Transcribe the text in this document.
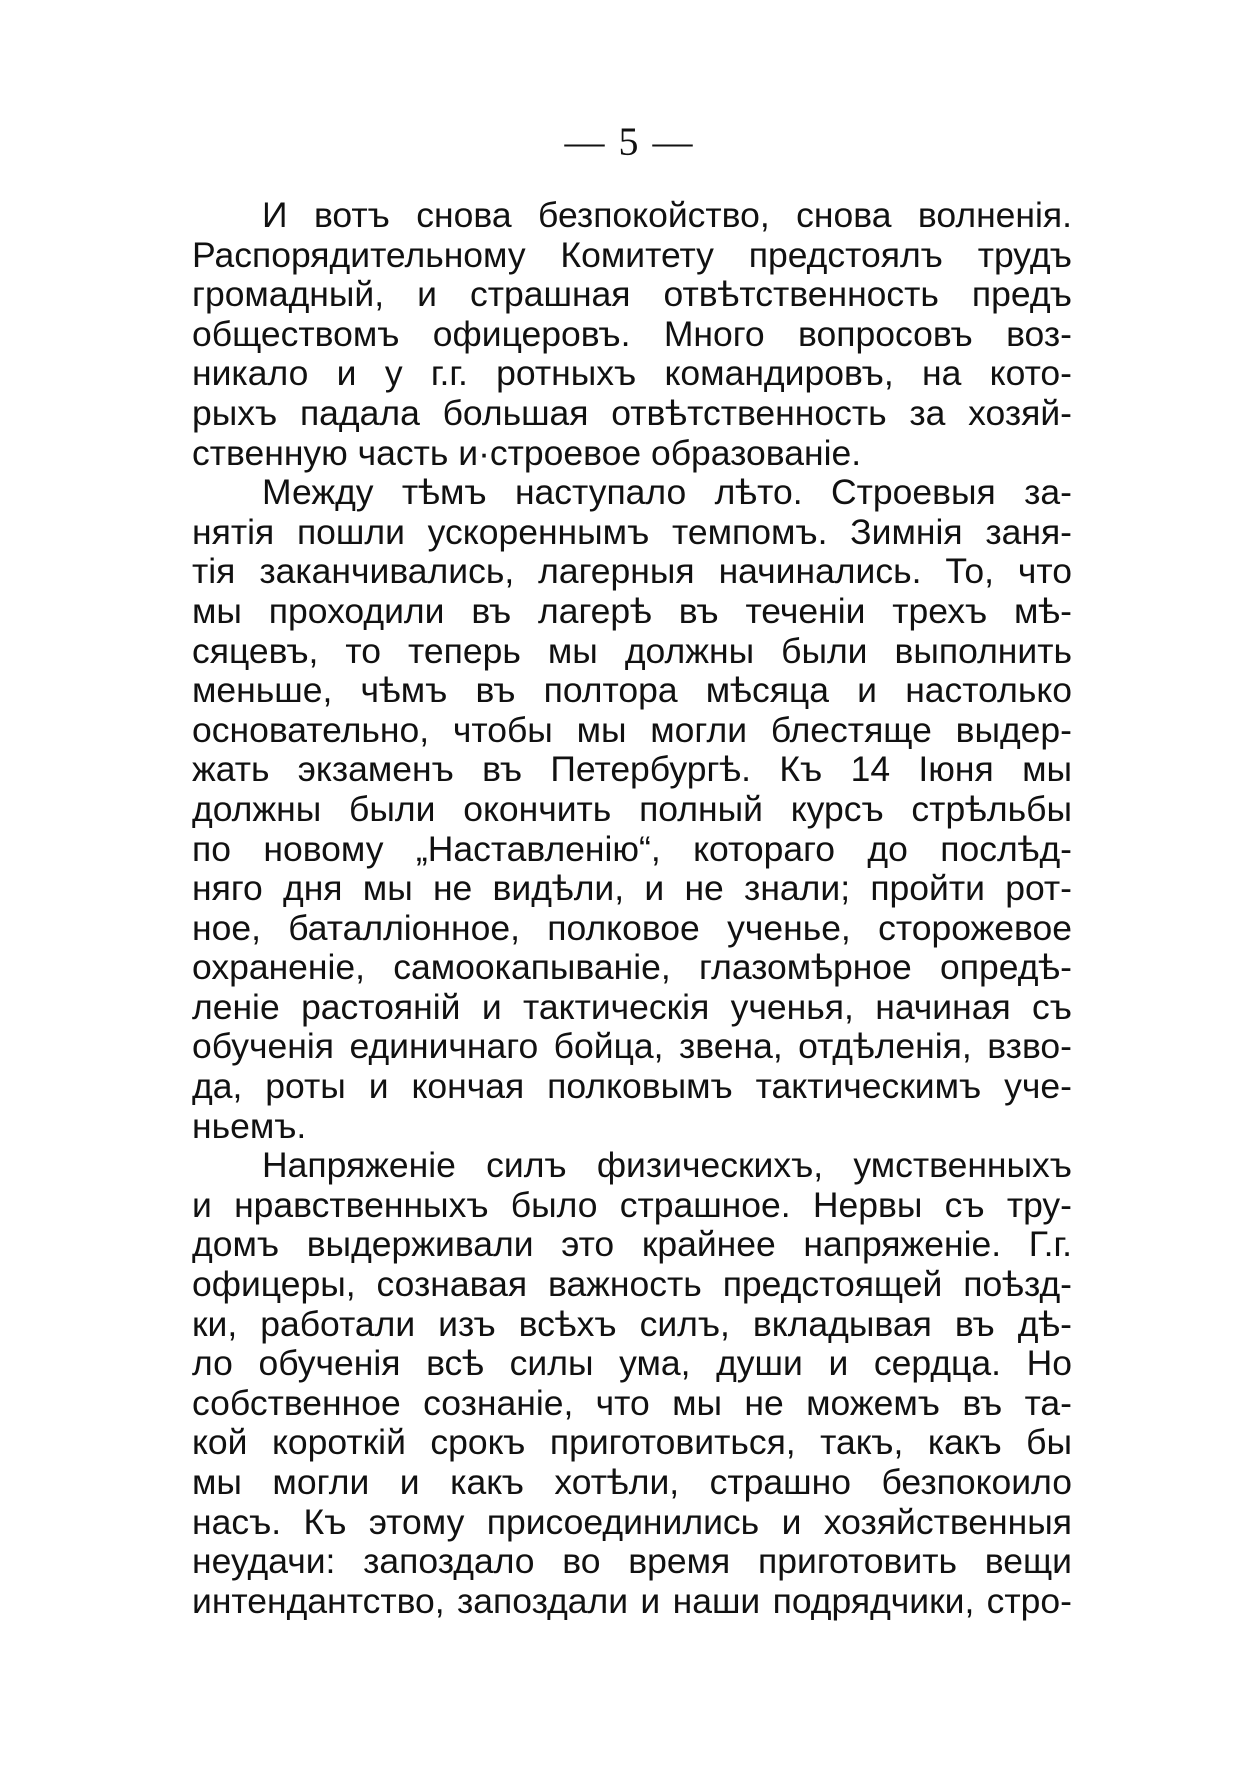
— 5 —
И вотъ снова безпокойство, снова волненія.
Распорядительному Комитету предстоялъ трудъ
громадный, и страшная отвѣтственность предъ
обществомъ офицеровъ. Много вопросовъ воз-
никало и у г.г. ротныхъ командировъ, на кото-
рыхъ падала большая отвѣтственность за хозяй-
ственную часть и·строевое образованіе.
Между тѣмъ наступало лѣто. Строевыя за-
нятія пошли ускореннымъ темпомъ. Зимнія заня-
тія заканчивались, лагерныя начинались. То, что
мы проходили въ лагерѣ въ теченіи трехъ мѣ-
сяцевъ, то теперь мы должны были выполнить
меньше, чѣмъ въ полтора мѣсяца и настолько
основательно, чтобы мы могли блестяще выдер-
жать экзаменъ въ Петербургѣ. Къ 14 Іюня мы
должны были окончить полный курсъ стрѣльбы
по новому „Наставленію“, котораго до послѣд-
няго дня мы не видѣли, и не знали; пройти рот-
ное, баталліонное, полковое ученье, сторожевое
охраненіе, самоокапываніе, глазомѣрное опредѣ-
леніе растояній и тактическія ученья, начиная съ
обученія единичнаго бойца, звена, отдѣленія, взво-
да, роты и кончая полковымъ тактическимъ уче-
ньемъ.
Напряженіе силъ физическихъ, умственныхъ
и нравственныхъ было страшное. Нервы съ тру-
домъ выдерживали это крайнее напряженіе. Г.г.
офицеры, сознавая важность предстоящей поѣзд-
ки, работали изъ всѣхъ силъ, вкладывая въ дѣ-
ло обученія всѣ силы ума, души и сердца. Но
собственное сознаніе, что мы не можемъ въ та-
кой короткій срокъ приготовиться, такъ, какъ бы
мы могли и какъ хотѣли, страшно безпокоило
насъ. Къ этому присоединились и хозяйственныя
неудачи: запоздало во время приготовить вещи
интендантство, запоздали и наши подрядчики, стро-
